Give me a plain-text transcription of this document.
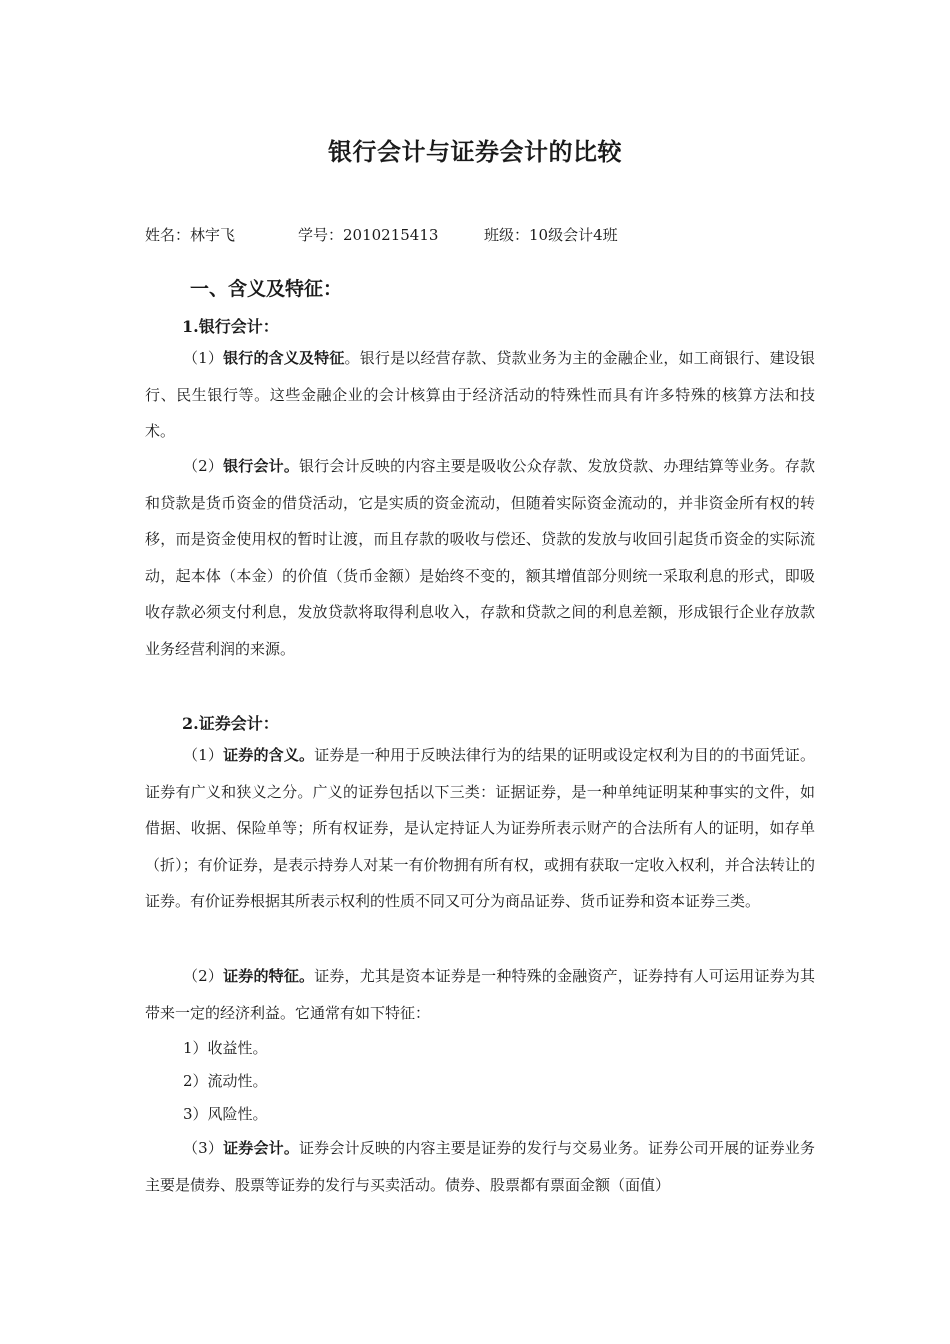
银行会计与证券会计的比较
姓名：林宇飞	学号：2010215413	班级：10级会计4班
一、含义及特征：
1.银行会计：
（1）银行的含义及特征。银行是以经营存款、贷款业务为主的金融企业，如工商银行、建设银行、民生银行等。这些金融企业的会计核算由于经济活动的特殊性而具有许多特殊的核算方法和技术。
（2）银行会计。银行会计反映的内容主要是吸收公众存款、发放贷款、办理结算等业务。存款和贷款是货币资金的借贷活动，它是实质的资金流动，但随着实际资金流动的，并非资金所有权的转移，而是资金使用权的暂时让渡，而且存款的吸收与偿还、贷款的发放与收回引起货币资金的实际流动，起本体（本金）的价值（货币金额）是始终不变的，额其增值部分则统一采取利息的形式，即吸收存款必须支付利息，发放贷款将取得利息收入，存款和贷款之间的利息差额，形成银行企业存放款业务经营利润的来源。
2.证券会计：
（1）证券的含义。证券是一种用于反映法律行为的结果的证明或设定权利为目的的书面凭证。证券有广义和狭义之分。广义的证券包括以下三类：证据证券，是一种单纯证明某种事实的文件，如借据、收据、保险单等；所有权证券，是认定持证人为证券所表示财产的合法所有人的证明，如存单（折）；有价证券，是表示持券人对某一有价物拥有所有权，或拥有获取一定收入权利，并合法转让的证券。有价证券根据其所表示权利的性质不同又可分为商品证券、货币证券和资本证券三类。
（2）证券的特征。证券，尤其是资本证券是一种特殊的金融资产，证券持有人可运用证券为其带来一定的经济利益。它通常有如下特征：
1）收益性。
2）流动性。
3）风险性。
（3）证券会计。证券会计反映的内容主要是证券的发行与交易业务。证券公司开展的证券业务主要是债券、股票等证券的发行与买卖活动。债券、股票都有票面金额（面值）
